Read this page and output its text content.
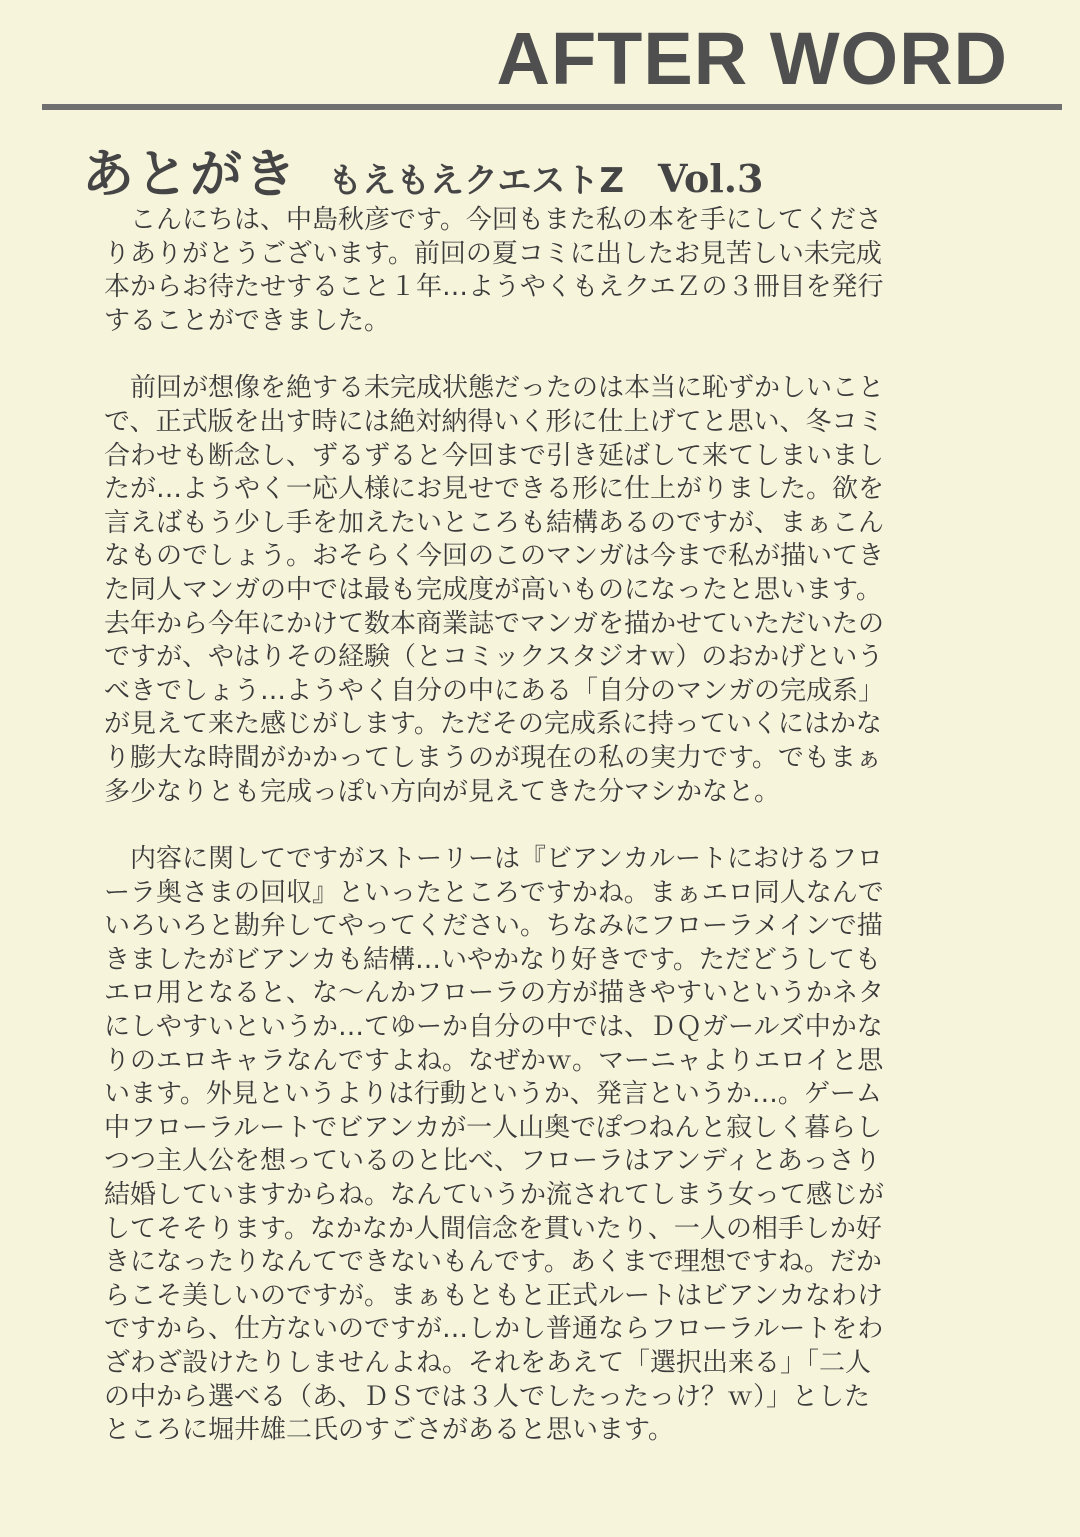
AFTER WORD
あとがき もえもえクエストZ Vol.3
　こんにちは、中島秋彦です。今回もまた私の本を手にしてくださ
りありがとうございます。前回の夏コミに出したお見苦しい未完成
本からお待たせすること１年…ようやくもえクエＺの３冊目を発行
することができました。
　前回が想像を絶する未完成状態だったのは本当に恥ずかしいこと
で、正式版を出す時には絶対納得いく形に仕上げてと思い、冬コミ
合わせも断念し、ずるずると今回まで引き延ばして来てしまいまし
たが…ようやく一応人様にお見せできる形に仕上がりました。欲を
言えばもう少し手を加えたいところも結構あるのですが、まぁこん
なものでしょう。おそらく今回のこのマンガは今まで私が描いてき
た同人マンガの中では最も完成度が高いものになったと思います。
去年から今年にかけて数本商業誌でマンガを描かせていただいたの
ですが、やはりその経験（とコミックスタジオｗ）のおかげという
べきでしょう…ようやく自分の中にある「自分のマンガの完成系」
が見えて来た感じがします。ただその完成系に持っていくにはかな
り膨大な時間がかかってしまうのが現在の私の実力です。でもまぁ
多少なりとも完成っぽい方向が見えてきた分マシかなと。
　内容に関してですがストーリーは『ビアンカルートにおけるフロ
ーラ奥さまの回収』といったところですかね。まぁエロ同人なんで
いろいろと勘弁してやってください。ちなみにフローラメインで描
きましたがビアンカも結構…いやかなり好きです。ただどうしても
エロ用となると、な～んかフローラの方が描きやすいというかネタ
にしやすいというか…てゆーか自分の中では、ＤＱガールズ中かな
りのエロキャラなんですよね。なぜかｗ。マーニャよりエロイと思
います。外見というよりは行動というか、発言というか…。ゲーム
中フローラルートでビアンカが一人山奥でぽつねんと寂しく暮らし
つつ主人公を想っているのと比べ、フローラはアンディとあっさり
結婚していますからね。なんていうか流されてしまう女って感じが
してそそります。なかなか人間信念を貫いたり、一人の相手しか好
きになったりなんてできないもんです。あくまで理想ですね。だか
らこそ美しいのですが。まぁもともと正式ルートはビアンカなわけ
ですから、仕方ないのですが…しかし普通ならフローラルートをわ
ざわざ設けたりしませんよね。それをあえて「選択出来る」「二人
の中から選べる（あ、ＤＳでは３人でしたったっけ？ｗ）」とした
ところに堀井雄二氏のすごさがあると思います。
